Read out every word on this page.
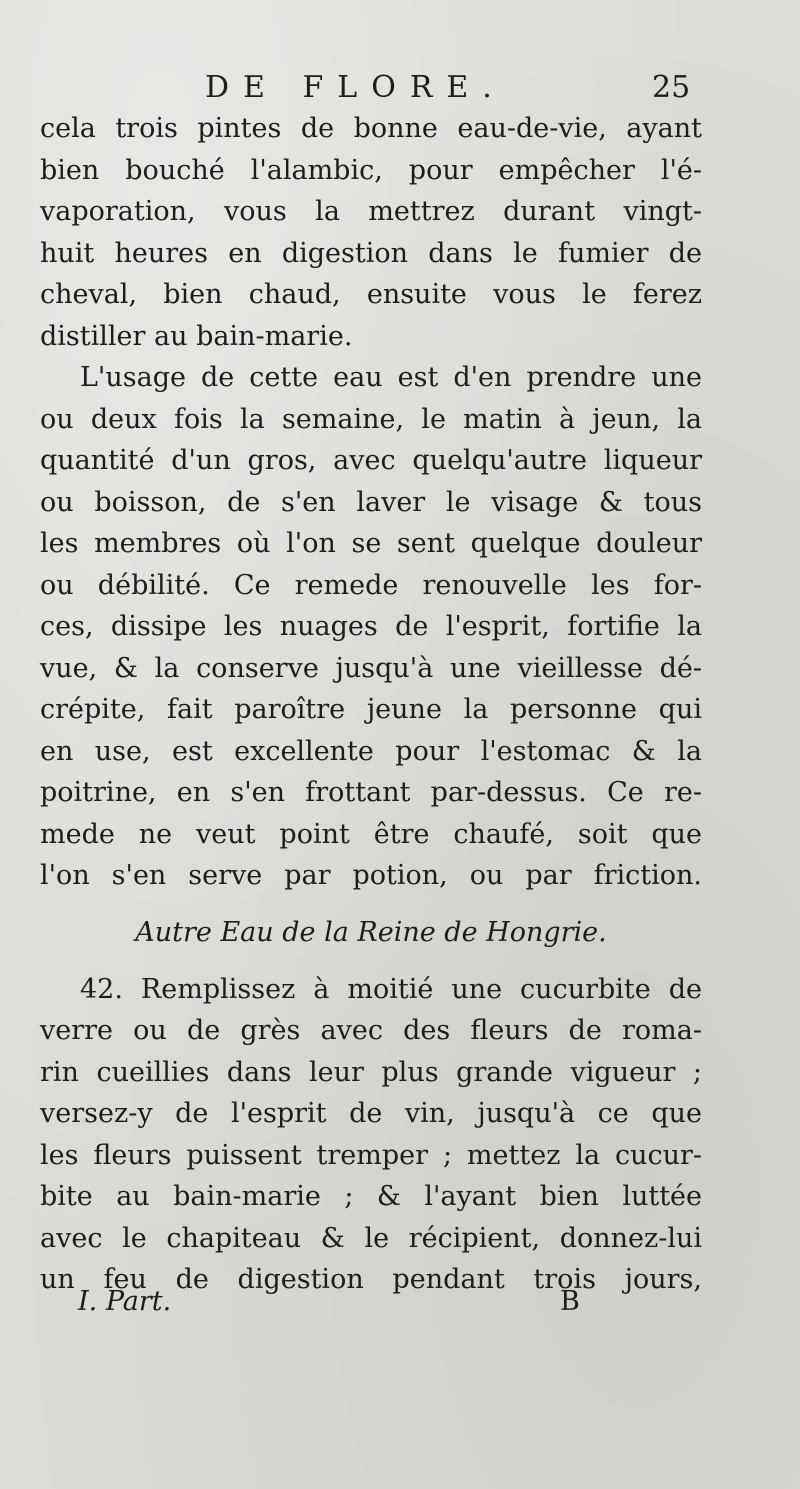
DE FLORE.	25
cela trois pintes de bonne eau-de-vie, ayant
bien bouché l'alambic, pour empêcher l'é-
vaporation, vous la mettrez durant vingt-
huit heures en digestion dans le fumier de
cheval, bien chaud, ensuite vous le ferez
distiller au bain-marie.
L'usage de cette eau est d'en prendre une
ou deux fois la semaine, le matin à jeun, la
quantité d'un gros, avec quelqu'autre liqueur
ou boisson, de s'en laver le visage & tous
les membres où l'on se sent quelque douleur
ou débilité. Ce remede renouvelle les for-
ces, dissipe les nuages de l'esprit, fortifie la
vue, & la conserve jusqu'à une vieillesse dé-
crépite, fait paroître jeune la personne qui
en use, est excellente pour l'estomac & la
poitrine, en s'en frottant par-dessus. Ce re-
mede ne veut point être chaufé, soit que
l'on s'en serve par potion, ou par friction.
Autre Eau de la Reine de Hongrie.
42. Remplissez à moitié une cucurbite de
verre ou de grès avec des fleurs de roma-
rin cueillies dans leur plus grande vigueur ;
versez-y de l'esprit de vin, jusqu'à ce que
les fleurs puissent tremper ; mettez la cucur-
bite au bain-marie ; & l'ayant bien luttée
avec le chapiteau & le récipient, donnez-lui
un feu de digestion pendant trois jours,
I. Part.	B
